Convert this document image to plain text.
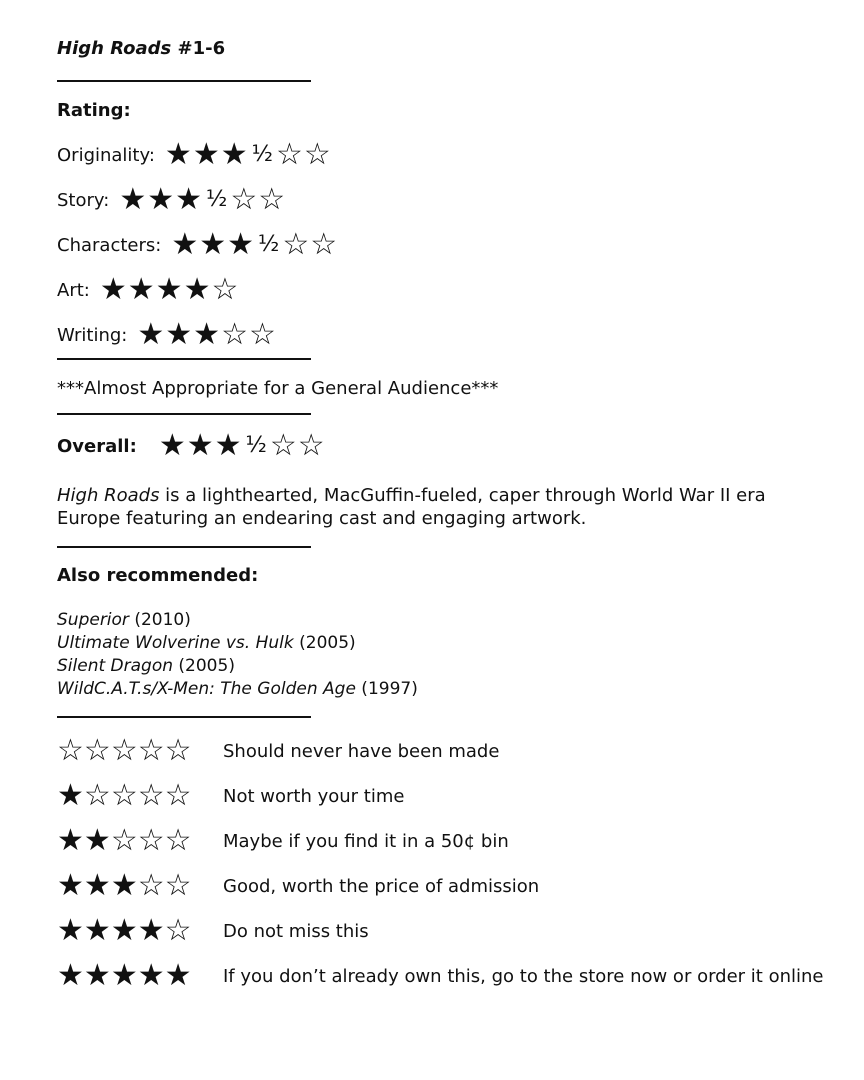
High Roads #1-6
Rating:
Originality: ★ ★ ★ ½ ☆ ☆
Story: ★ ★ ★ ½ ☆ ☆
Characters: ★ ★ ★ ½ ☆ ☆
Art: ★ ★ ★ ★ ☆
Writing: ★ ★ ★ ☆ ☆
***Almost Appropriate for a General Audience***
Overall: ★ ★ ★ ½ ☆ ☆
High Roads is a lighthearted, MacGuffin-fueled, caper through World War II era Europe featuring an endearing cast and engaging artwork.
Also recommended:
Superior (2010)
Ultimate Wolverine vs. Hulk (2005)
Silent Dragon (2005)
WildC.A.T.s/X-Men: The Golden Age (1997)
☆ ☆ ☆ ☆ ☆ Should never have been made
★ ☆ ☆ ☆ ☆ Not worth your time
★ ★ ☆ ☆ ☆ Maybe if you find it in a 50¢ bin
★ ★ ★ ☆ ☆ Good, worth the price of admission
★ ★ ★ ★ ☆ Do not miss this
★ ★ ★ ★ ★ If you don’t already own this, go to the store now or order it online
